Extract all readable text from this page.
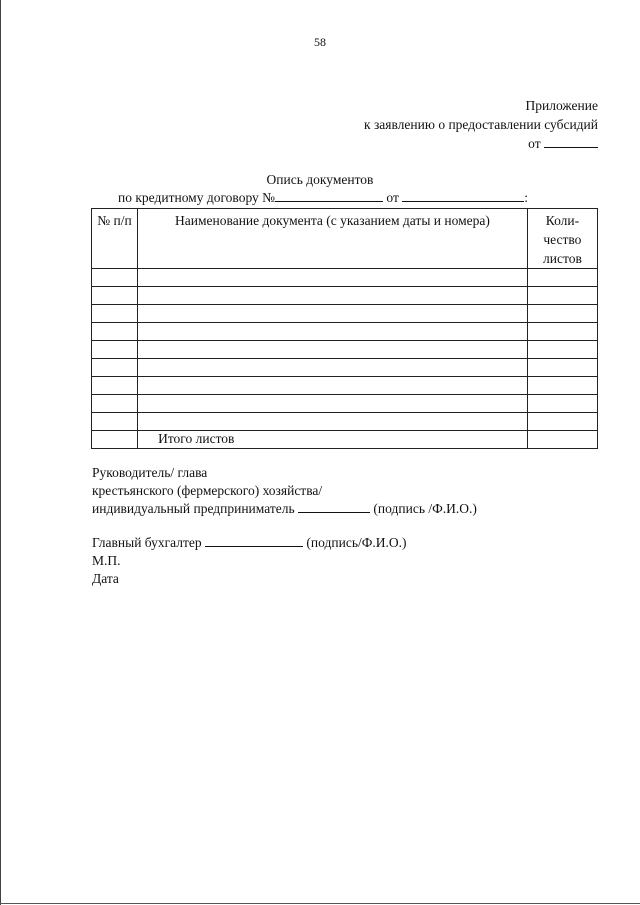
58
Приложение
к заявлению о предоставлении субсидий
от
Опись документов
по кредитному договору №	от	:
№ п/п	Наименование документа (с указанием даты и номера)	Коли-чество листов

	Итого листов	
Руководитель/ глава
крестьянского (фермерского) хозяйства/
индивидуальный предприниматель	(подпись /Ф.И.О.)
Главный бухгалтер	(подпись/Ф.И.О.)
М.П.
Дата
